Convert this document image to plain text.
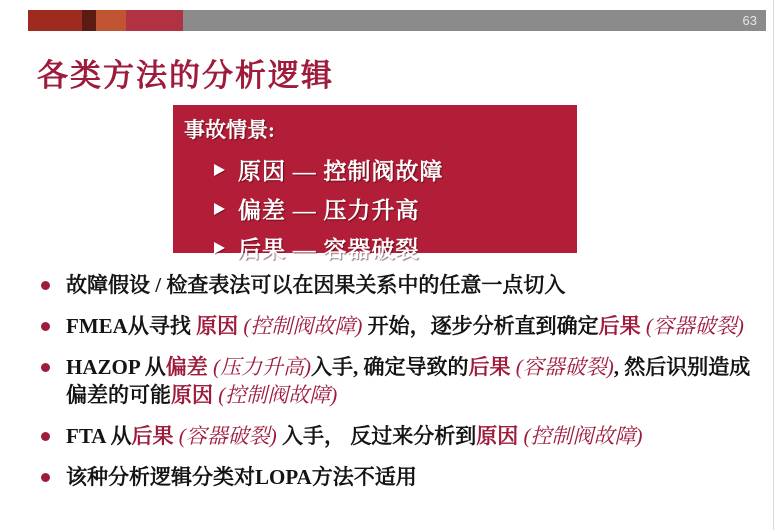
63
各类方法的分析逻辑
事故情景:
原因 — 控制阀故障
偏差 — 压力升高
后果 — 容器破裂

故障假设 / 检查表法可以在因果关系中的任意一点切入

FMEA从寻找 原因 (控制阀故障) 开始，逐步分析直到确定后果 (容器破裂)

HAZOP 从偏差 (压力升高)入手, 确定导致的后果 (容器破裂), 然后识别造成偏差的可能原因 (控制阀故障)

FTA 从后果 (容器破裂) 入手， 反过来分析到原因 (控制阀故障)

该种分析逻辑分类对LOPA方法不适用
